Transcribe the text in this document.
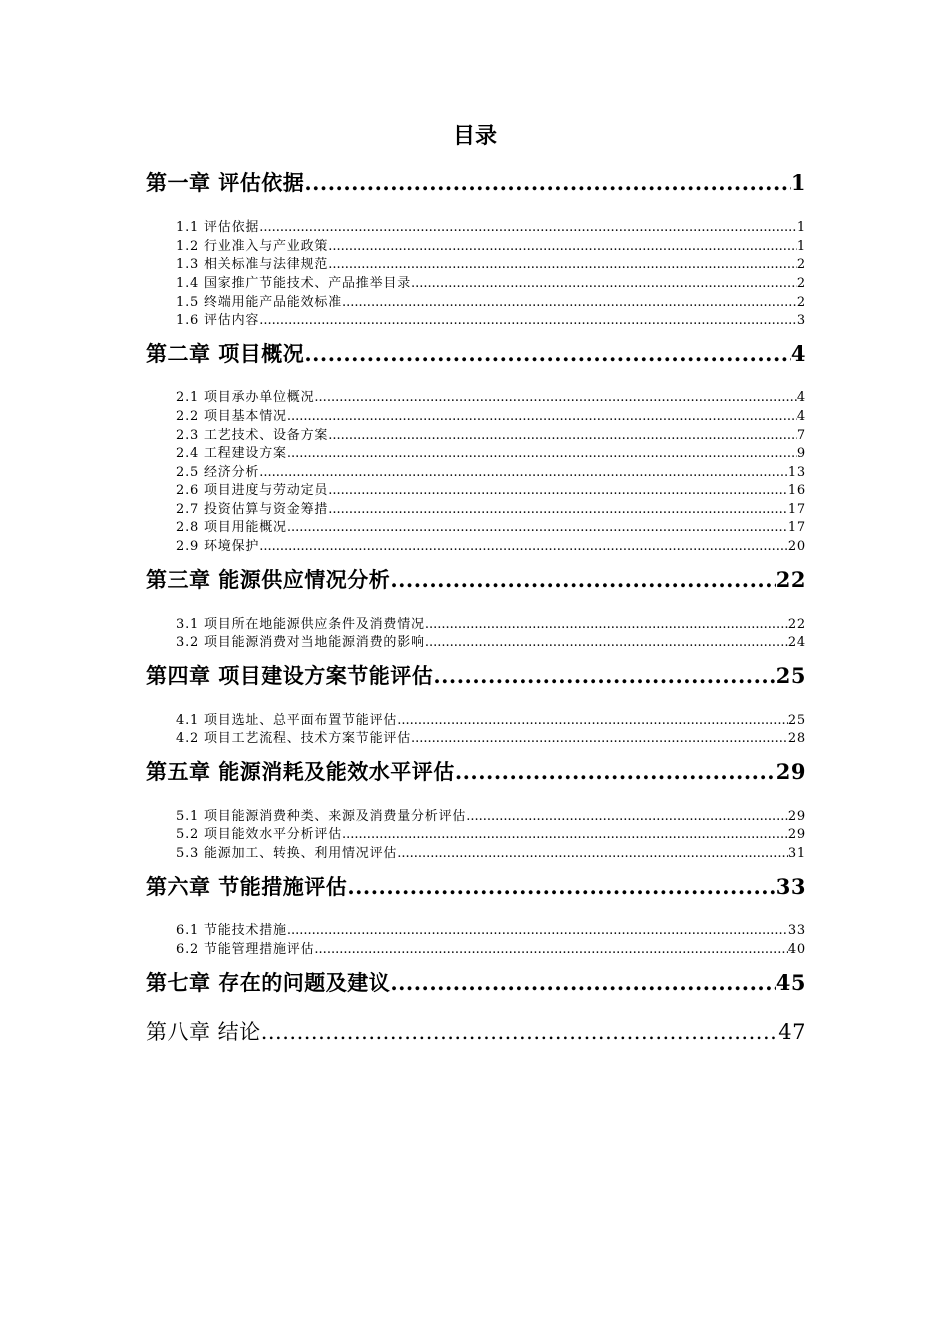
目录
第一章 评估依据 .....	1
1.1 评估依据 .....	1
1.2 行业准入与产业政策 .....	1
1.3 相关标准与法律规范 .....	2
1.4 国家推广节能技术、产品推举目录 .....	2
1.5 终端用能产品能效标准 .....	2
1.6 评估内容 .....	3
第二章 项目概况 .....	4
2.1 项目承办单位概况 .....	4
2.2 项目基本情况 .....	4
2.3 工艺技术、设备方案 .....	7
2.4 工程建设方案 .....	9
2.5 经济分析 .....	13
2.6 项目进度与劳动定员 .....	16
2.7 投资估算与资金筹措 .....	17
2.8 项目用能概况 .....	17
2.9 环境保护 .....	20
第三章 能源供应情况分析 .....	22
3.1 项目所在地能源供应条件及消费情况 .....	22
3.2 项目能源消费对当地能源消费的影响 .....	24
第四章 项目建设方案节能评估 .....	25
4.1 项目选址、总平面布置节能评估 .....	25
4.2 项目工艺流程、技术方案节能评估 .....	28
第五章 能源消耗及能效水平评估 .....	29
5.1 项目能源消费种类、来源及消费量分析评估 .....	29
5.2 项目能效水平分析评估 .....	29
5.3 能源加工、转换、利用情况评估 .....	31
第六章 节能措施评估 .....	33
6.1 节能技术措施 .....	33
6.2 节能管理措施评估 .....	40
第七章 存在的问题及建议 .....	45
第八章 结论 .....	47
